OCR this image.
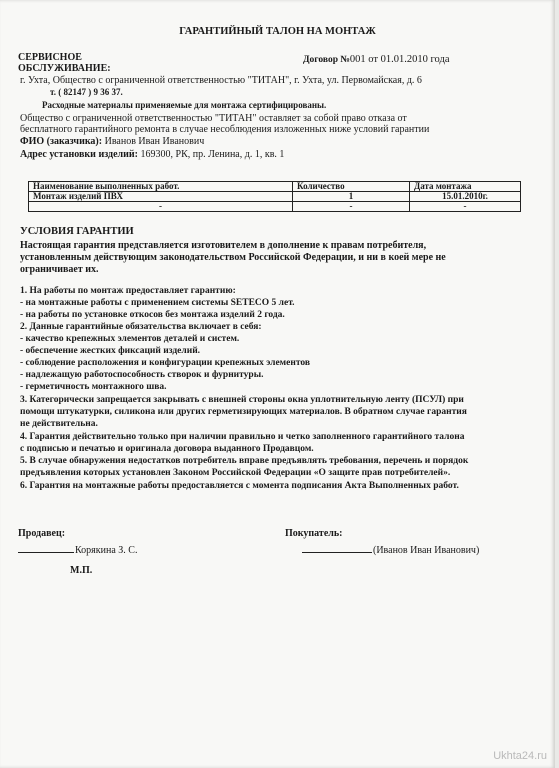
ГАРАНТИЙНЫЙ ТАЛОН НА МОНТАЖ
СЕРВИСНОЕ
ОБСЛУЖИВАНИЕ:
Договор №001 от 01.01.2010 года
г. Ухта, Общество с ограниченной ответственностью "ТИТАН", г. Ухта, ул. Первомайская, д. 6
т. ( 82147 ) 9 36 37.
Расходные материалы применяемые для монтажа сертифицированы.
Общество с ограниченной ответственностью "ТИТАН" оставляет за собой право отказа от
бесплатного гарантийного ремонта в случае несоблюдения изложенных ниже условий гарантии
ФИО (заказчика): Иванов Иван Иванович
Адрес установки изделий: 169300, РК, пр. Ленина, д. 1, кв. 1
Наименование выполненных работ.	Количество	Дата монтажа
Монтаж изделий ПВХ	1	15.01.2010г.
-	-	-
УСЛОВИЯ ГАРАНТИИ
Настоящая гарантия представляется изготовителем в дополнение к правам потребителя,
установленным действующим законодательством Российской Федерации, и ни в коей мере не
ограничивает их.
1. На работы по монтаж предоставляет гарантию:
- на монтажные работы с применением системы SETECO 5 лет.
- на работы по установке откосов без монтажа изделий 2 года.
2. Данные гарантийные обязательства включает в себя:
- качество крепежных элементов деталей и систем.
- обеспечение жестких фиксаций изделий.
- соблюдение расположения и конфигурации крепежных элементов
- надлежащую работоспособность створок и фурнитуры.
- герметичность монтажного шва.
3. Категорически запрещается закрывать с внешней стороны окна уплотнительную ленту (ПСУЛ) при
помощи штукатурки, силикона или других герметизирующих материалов. В обратном случае гарантия
не действительна.
4. Гарантия действительно только при наличии правильно и четко заполненного гарантийного талона
с подписью и печатью и оригинала договора выданного Продавцом.
5. В случае обнаружения недостатков потребитель вправе предъявлять требования, перечень и порядок
предъявления которых установлен Законом Российской Федерации «О защите прав потребителей».
6. Гарантия на монтажные работы предоставляется с момента подписания Акта Выполненных работ.
Продавец:
Корякина З. С.
Покупатель:
(Иванов Иван Иванович)
М.П.
Ukhta24.ru
